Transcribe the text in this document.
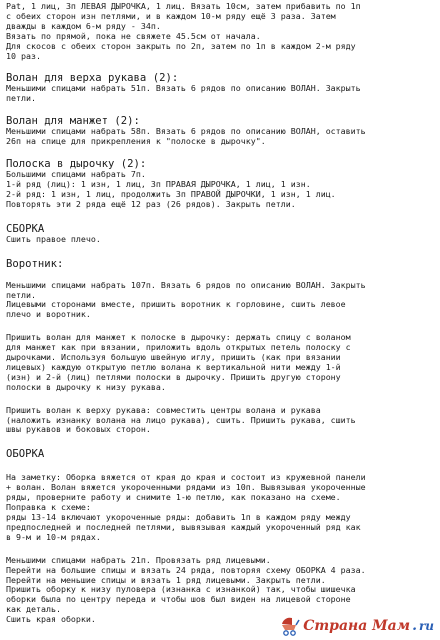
Pat, 1 лиц, 3п ЛЕВАЯ ДЫРОЧКА, 1 лиц. Вязать 10см, затем прибавить по 1п

с обеих сторон изн петлями, и в каждом 10-м ряду ещё 3 раза. Затем

дважды в каждом 6-м ряду - 34п.

Вязать по прямой, пока не свяжете 45.5см от начала.

Для скосов с обеих сторон закрыть по 2п, затем по 1п в каждом 2-м ряду

10 раз.

Волан для верха рукава (2):

Меньшими спицами набрать 51п. Вязать 6 рядов по описанию ВОЛАН. Закрыть

петли.

Волан для манжет (2):

Меньшими спицами набрать 58п. Вязать 6 рядов по описанию ВОЛАН, оставить

26п на спице для прикрепления к "полоске в дырочку".

Полоска в дырочку (2):

Большими спицами набрать 7п.

1-й ряд (лиц): 1 изн, 1 лиц, 3п ПРАВАЯ ДЫРОЧКА, 1 лиц, 1 изн.

2-й ряд: 1 изн, 1 лиц, продолжить 3п ПРАВОЙ ДЫРОЧКИ, 1 изн, 1 лиц.

Повторять эти 2 ряда ещё 12 раз (26 рядов). Закрыть петли.

СБОРКА

Сшить правое плечо.

Воротник:

Меньшими спицами набрать 107п. Вязать 6 рядов по описанию ВОЛАН. Закрыть

петли.

Лицевыми сторонами вместе, пришить воротник к горловине, сшить левое

плечо и воротник.

Пришить волан для манжет к полоске в дырочку: держать спицу с воланом

для манжет как при вязании, приложить вдоль открытых петель полоску с

дырочками. Используя большую швейную иглу, пришить (как при вязании

лицевых) каждую открытую петлю волана к вертикальной нити между 1-й

(изн) и 2-й (лиц) петлями полоски в дырочку. Пришить другую сторону

полоски в дырочку к низу рукава.

Пришить волан к верху рукава: совместить центры волана и рукава

(наложить изнанку волана на лицо рукава), сшить. Пришить рукава, сшить

швы рукавов и боковых сторон.

ОБОРКА

На заметку: Оборка вяжется от края до края и состоит из кружевной панели

+ волан. Волан вяжется укороченными рядами из 10п. Вывязывая укороченные

ряды, проверните работу и снимите 1-ю петлю, как показано на схеме.

Поправка к схеме:

ряды 13-14 включают укороченные ряды: добавить 1п в каждом ряду между

предпоследней и последней петлями, вывязывая каждый укороченный ряд как

в 9-м и 10-м рядах.

Меньшими спицами набрать 21п. Провязать ряд лицевыми.

Перейти на большие спицы и вязать 24 ряда, повторяя схему ОБОРКА 4 раза.

Перейти на меньшие спицы и вязать 1 ряд лицевыми. Закрыть петли.

Пришить оборку к низу пуловера (изнанка с изнанкой) так, чтобы шишечка

оборки была по центру переда и чтобы шов был виден на лицевой стороне

как деталь.

Сшить края оборки.	Страна Мам . ru
